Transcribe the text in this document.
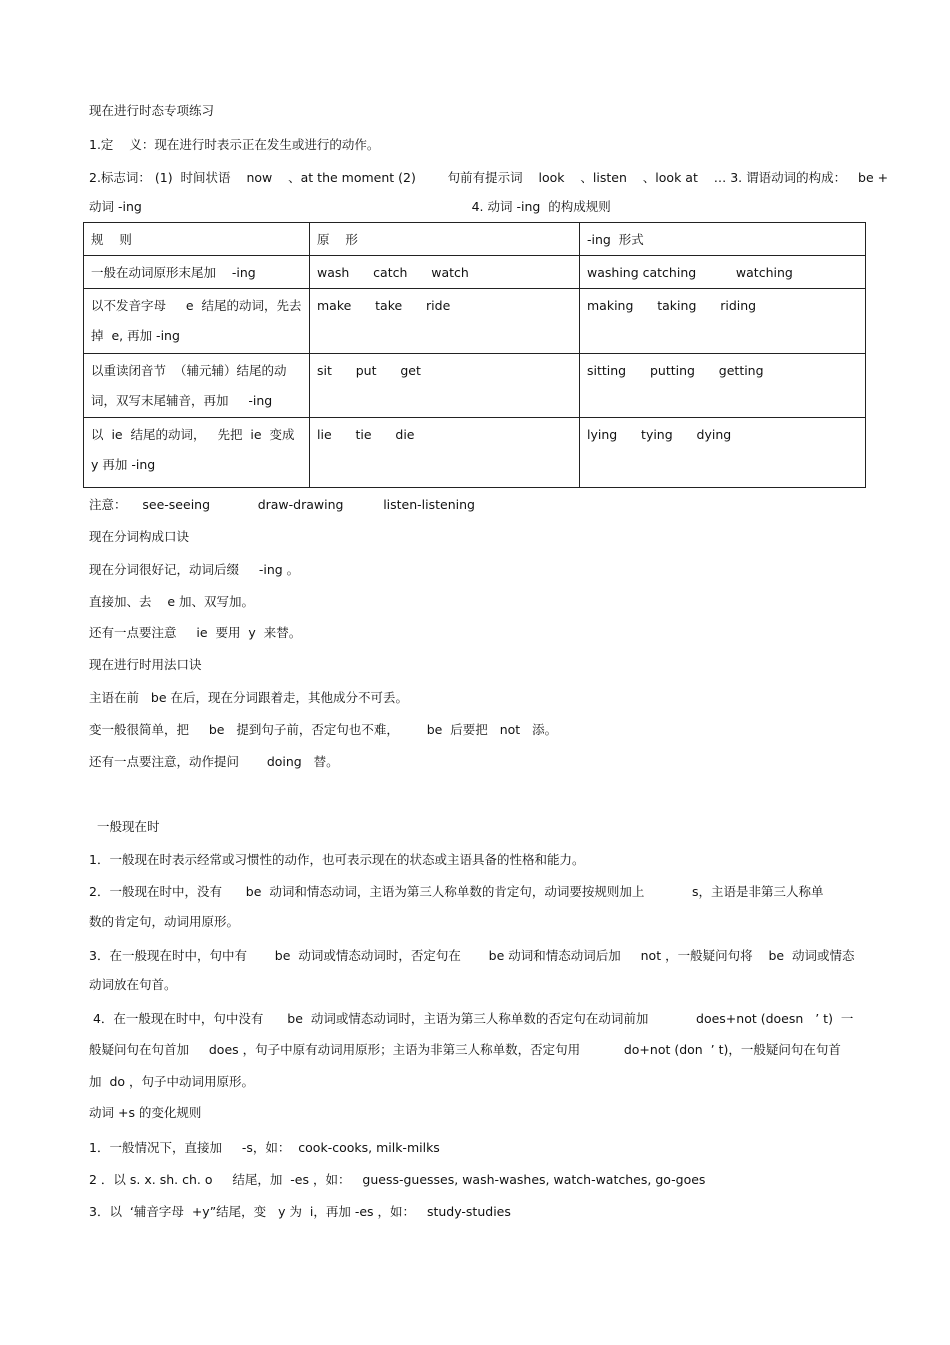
现在进行时态专项练习
1.定    义：现在进行时表示正在发生或进行的动作。
2.标志词： (1)  时间状语    now    、at the moment (2)        句前有提示词    look    、listen    、look at    … 3. 谓语动词的构成：   be +
动词 -ing                                                                                   4. 动词 -ing  的构成规则
规    则	原    形	-ing  形式
一般在动词原形末尾加    -ing	wash      catch      watch	washing catching          watching
以不发音字母     e  结尾的动词，先去掉  e, 再加 -ing	make      take      ride	making      taking      riding
以重读闭音节  （辅元辅）结尾的动词，双写末尾辅音，再加     -ing	sit      put      get	sitting      putting      getting
以  ie  结尾的动词，   先把  ie  变成  y 再加 -ing	lie      tie      die	lying      tying      dying
注意：    see-seeing            draw-drawing          listen-listening
现在分词构成口诀
现在分词很好记，动词后缀     -ing 。
直接加、去    e 加、双写加。
还有一点要注意     ie  要用  y  来替。
现在进行时用法口诀
主语在前   be 在后，现在分词跟着走，其他成分不可丢。
变一般很简单，把     be   提到句子前，否定句也不难，       be  后要把   not   添。
还有一点要注意，动作提问       doing   替。
一般现在时
1．一般现在时表示经常或习惯性的动作，也可表示现在的状态或主语具备的性格和能力。
2．一般现在时中，没有      be  动词和情态动词，主语为第三人称单数的肯定句，动词要按规则加上            s，主语是非第三人称单
数的肯定句，动词用原形。
3．在一般现在时中，句中有       be  动词或情态动词时，否定句在       be 动词和情态动词后加     not ，一般疑问句将    be  动词或情态
动词放在句首。
4．在一般现在时中，句中没有      be  动词或情态动词时，主语为第三人称单数的否定句在动词前加            does+not (doesn   ’ t)  一
般疑问句在句首加     does ，句子中原有动词用原形；主语为非第三人称单数，否定句用           do+not (don  ’ t)，一般疑问句在句首
加  do ，句子中动词用原形。
动词 +s 的变化规则
1．一般情况下，直接加     -s，如：  cook-cooks, milk-milks
2 ．以 s. x. sh. ch. o     结尾，加  -es ，如：   guess-guesses, wash-washes, watch-watches, go-goes
3．以  ‘辅音字母  +y”结尾，变   y 为  i，再加 -es ，如：   study-studies
